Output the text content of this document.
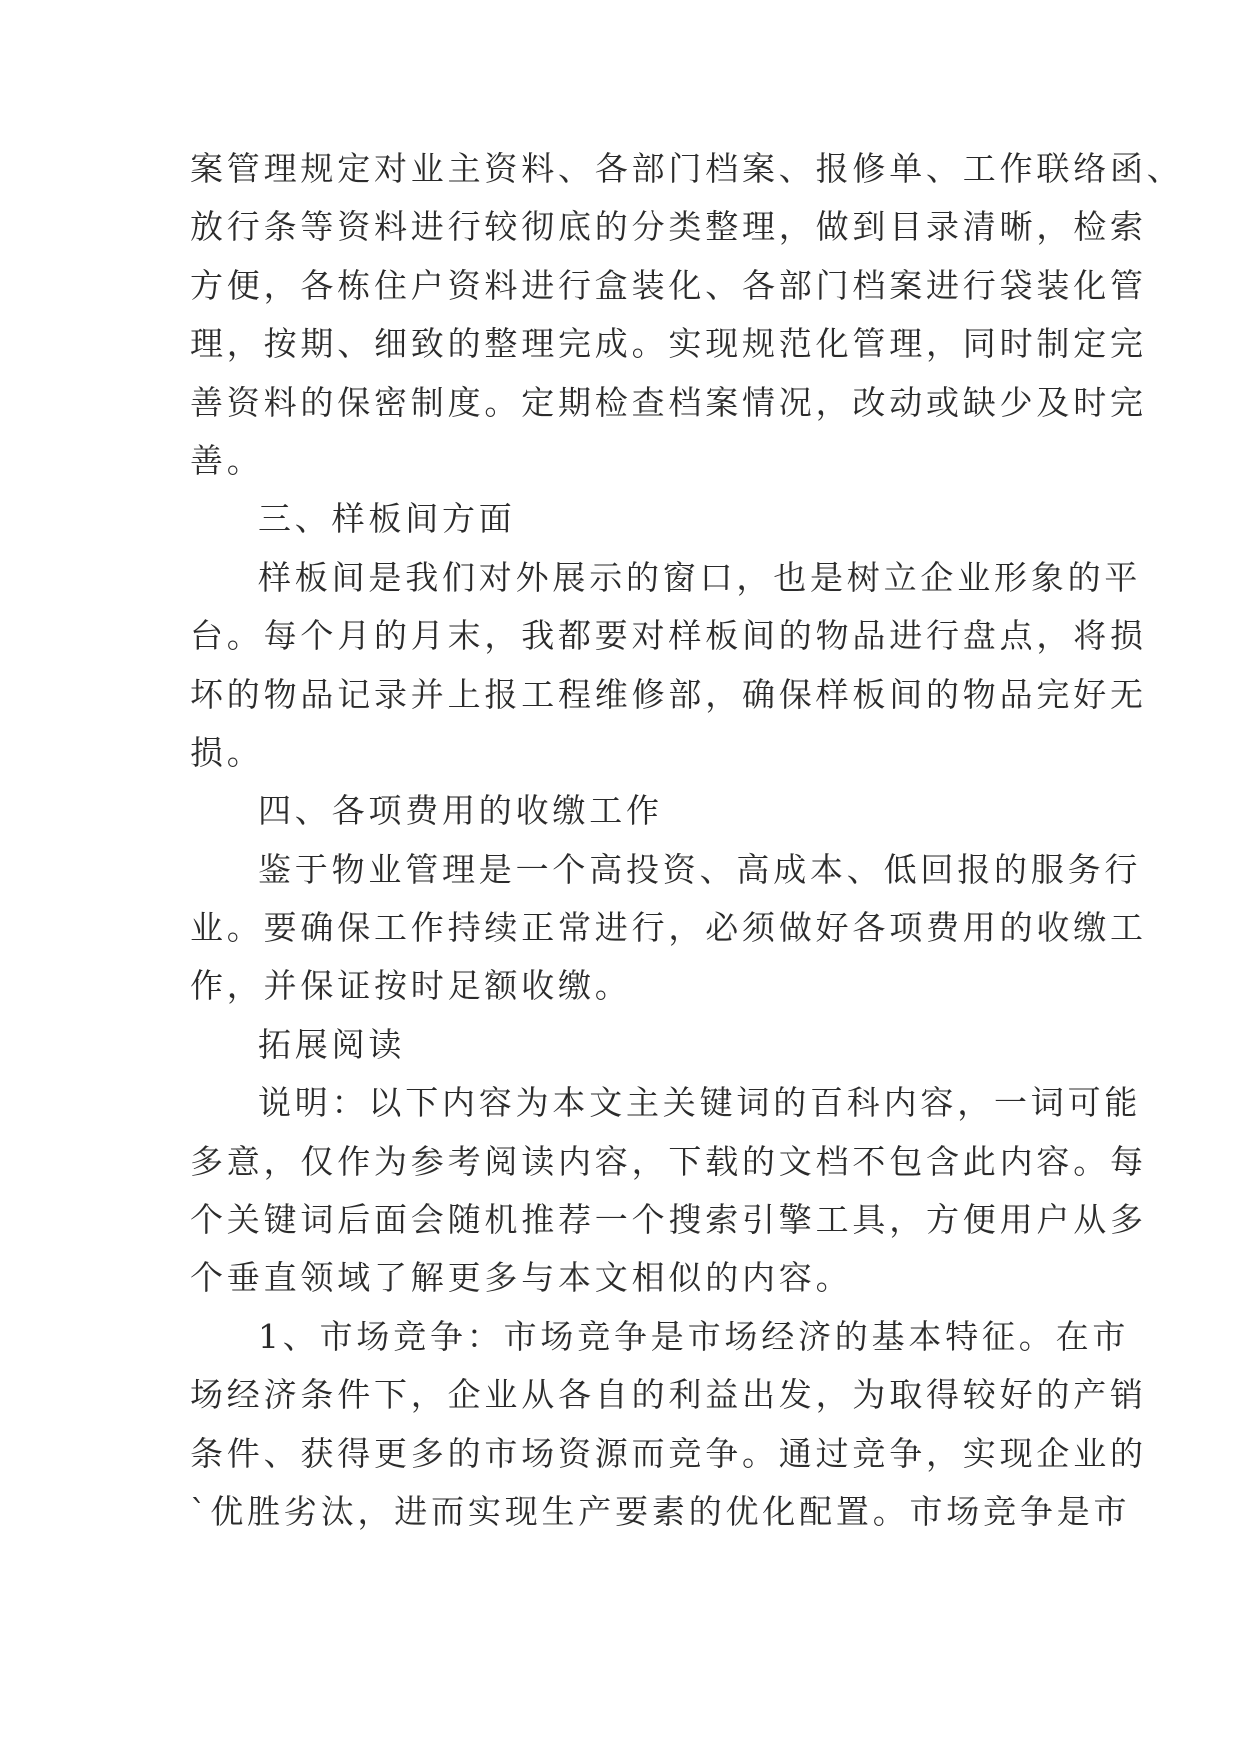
案管理规定对业主资料、各部门档案、报修单、工作联络函、
放行条等资料进行较彻底的分类整理，做到目录清晰，检索
方便，各栋住户资料进行盒装化、各部门档案进行袋装化管
理，按期、细致的整理完成。实现规范化管理，同时制定完
善资料的保密制度。定期检查档案情况，改动或缺少及时完
善。
三、样板间方面
样板间是我们对外展示的窗口，也是树立企业形象的平
台。每个月的月末，我都要对样板间的物品进行盘点，将损
坏的物品记录并上报工程维修部，确保样板间的物品完好无
损。
四、各项费用的收缴工作
鉴于物业管理是一个高投资、高成本、低回报的服务行
业。要确保工作持续正常进行，必须做好各项费用的收缴工
作，并保证按时足额收缴。
拓展阅读
说明：以下内容为本文主关键词的百科内容，一词可能
多意，仅作为参考阅读内容，下载的文档不包含此内容。每
个关键词后面会随机推荐一个搜索引擎工具，方便用户从多
个垂直领域了解更多与本文相似的内容。
1、市场竞争：市场竞争是市场经济的基本特征。在市
场经济条件下，企业从各自的利益出发，为取得较好的产销
条件、获得更多的市场资源而竞争。通过竞争，实现企业的
`优胜劣汰，进而实现生产要素的优化配置。市场竞争是市
